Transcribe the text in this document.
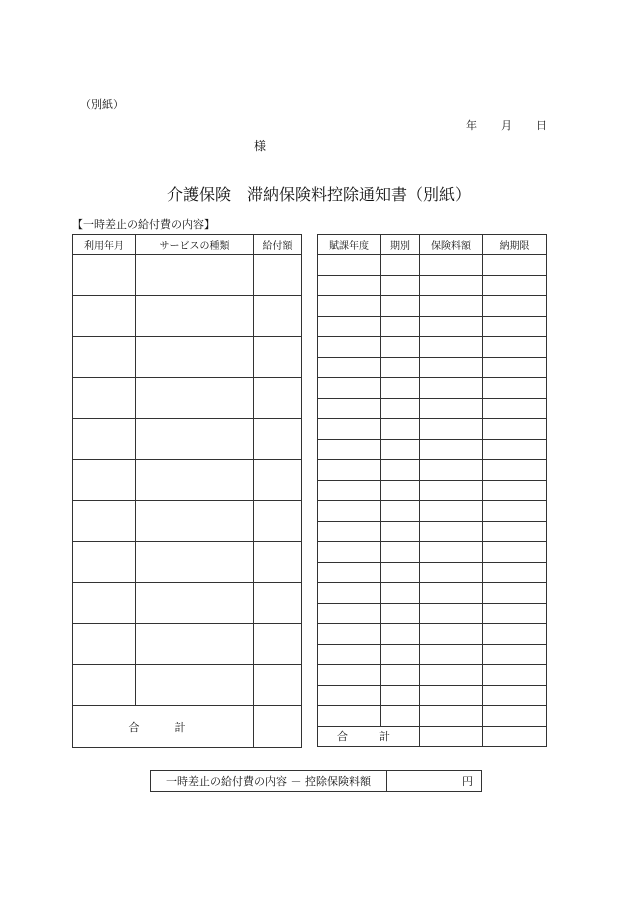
（別紙）
年 月 日
様
介護保険　滞納保険料控除通知書（別紙）
【一時差止の給付費の内容】
利用年月	サービスの種類	給付額

合　計		
賦課年度	期別	保険料額	納期限

合　計			
一時差止の給付費の内容 － 控除保険料額	円
